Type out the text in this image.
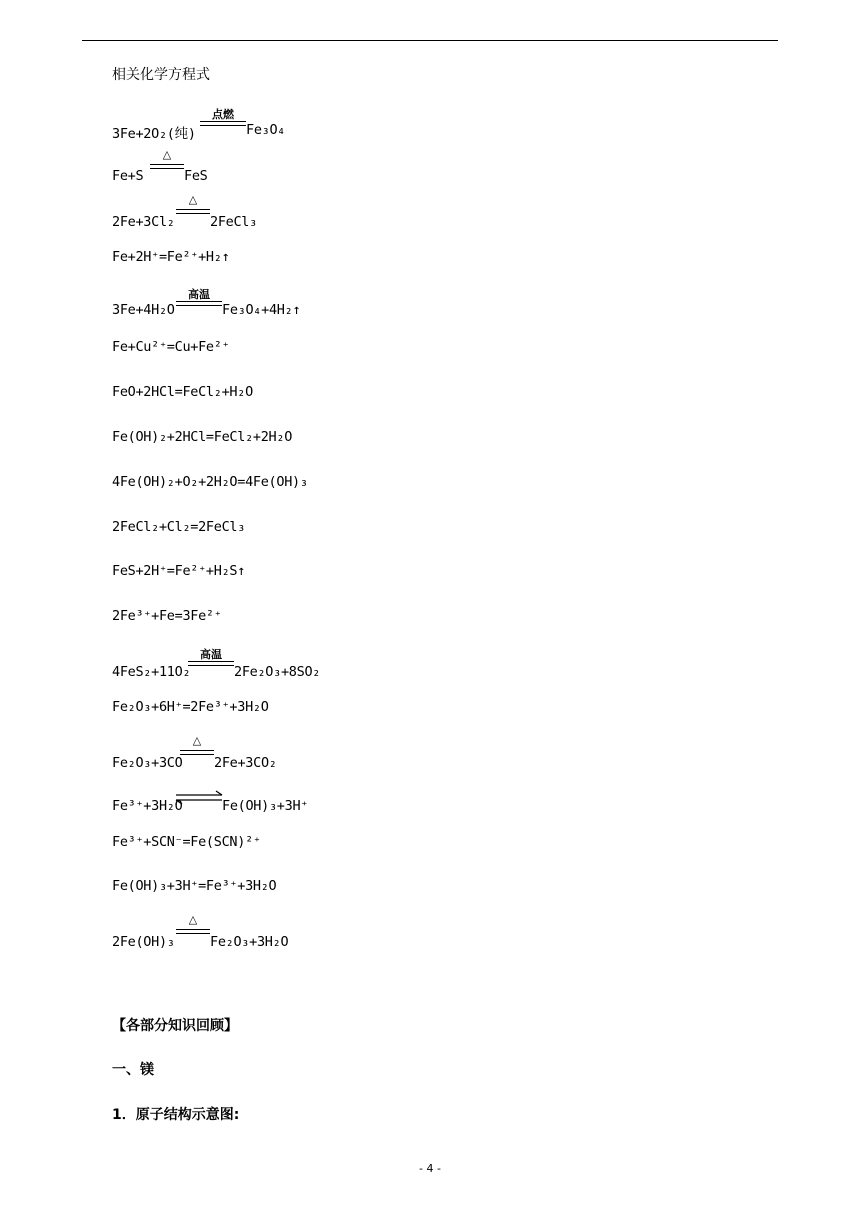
相关化学方程式
3Fe+2O₂(纯)
点燃
Fe₃O₄
Fe+S
△
FeS
2Fe+3Cl₂
△
2FeCl₃
Fe+2H⁺=Fe²⁺+H₂↑
3Fe+4H₂O
高温
Fe₃O₄+4H₂↑
Fe+Cu²⁺=Cu+Fe²⁺
FeO+2HCl=FeCl₂+H₂O
Fe(OH)₂+2HCl=FeCl₂+2H₂O
4Fe(OH)₂+O₂+2H₂O=4Fe(OH)₃
2FeCl₂+Cl₂=2FeCl₃
FeS+2H⁺=Fe²⁺+H₂S↑
2Fe³⁺+Fe=3Fe²⁺
4FeS₂+11O₂
高温
2Fe₂O₃+8SO₂
Fe₂O₃+6H⁺=2Fe³⁺+3H₂O
Fe₂O₃+3CO
△
2Fe+3CO₂
Fe³⁺+3H₂O	Fe(OH)₃+3H⁺
Fe³⁺+SCN⁻=Fe(SCN)²⁺
Fe(OH)₃+3H⁺=Fe³⁺+3H₂O
2Fe(OH)₃
△
Fe₂O₃+3H₂O
【各部分知识回顾】
一、镁
1．原子结构示意图:
- 4 -
